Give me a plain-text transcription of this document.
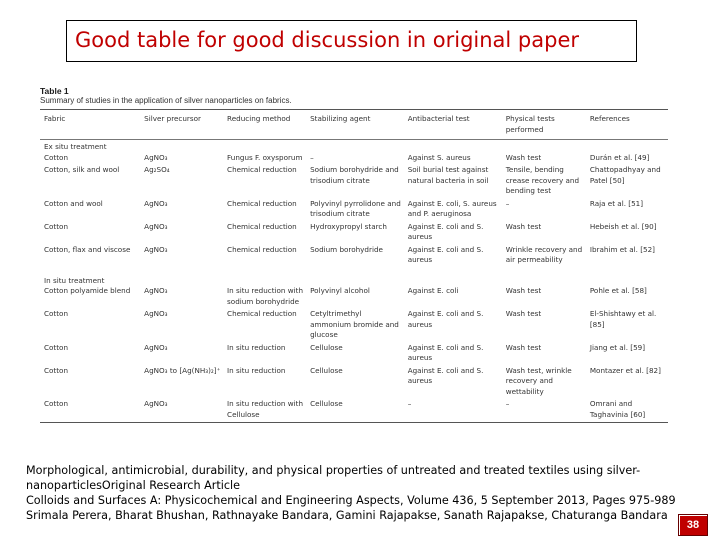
Good table for good discussion in original paper
Table 1
Summary of studies in the application of silver nanoparticles on fabrics.
Fabric	Silver precursor	Reducing method	Stabilizing agent	Antibacterial test	Physical tests performed	References

Ex situ treatment						
Cotton	AgNO₃	Fungus F. oxysporum	–	Against S. aureus	Wash test	Durán et al. [49]
Cotton, silk and wool	Ag₂SO₄	Chemical reduction	Sodium borohydride and trisodium citrate	Soil burial test against natural bacteria in soil	Tensile, bending crease recovery and bending test	Chattopadhyay and Patel [50]
Cotton and wool	AgNO₃	Chemical reduction	Polyvinyl pyrrolidone and trisodium citrate	Against E. coli, S. aureus and P. aeruginosa	–	Raja et al. [51]
Cotton	AgNO₃	Chemical reduction	Hydroxypropyl starch	Against E. coli and S. aureus	Wash test	Hebeish et al. [90]
Cotton, flax and viscose	AgNO₃	Chemical reduction	Sodium borohydride	Against E. coli and S. aureus	Wrinkle recovery and air permeability	Ibrahim et al. [52]
In situ treatment						
Cotton polyamide blend	AgNO₃	In situ reduction with sodium borohydride	Polyvinyl alcohol	Against E. coli	Wash test	Pohle et al. [58]
Cotton	AgNO₃	Chemical reduction	Cetyltrimethyl ammonium bromide and glucose	Against E. coli and S. aureus	Wash test	El-Shishtawy et al. [85]
Cotton	AgNO₃	In situ reduction	Cellulose	Against E. coli and S. aureus	Wash test	Jiang et al. [59]
Cotton	AgNO₃ to [Ag(NH₃)₂]⁺	In situ reduction	Cellulose	Against E. coli and S. aureus	Wash test, wrinkle recovery and wettability	Montazer et al. [82]
Cotton	AgNO₃	In situ reduction with Cellulose	Cellulose	–	–	Omrani and Taghavinia [60]
Morphological, antimicrobial, durability, and physical properties of untreated and treated textiles using silver-nanoparticlesOriginal Research Article
Colloids and Surfaces A: Physicochemical and Engineering Aspects, Volume 436, 5 September 2013, Pages 975-989
Srimala Perera, Bharat Bhushan, Rathnayake Bandara, Gamini Rajapakse, Sanath Rajapakse, Chaturanga Bandara
38
